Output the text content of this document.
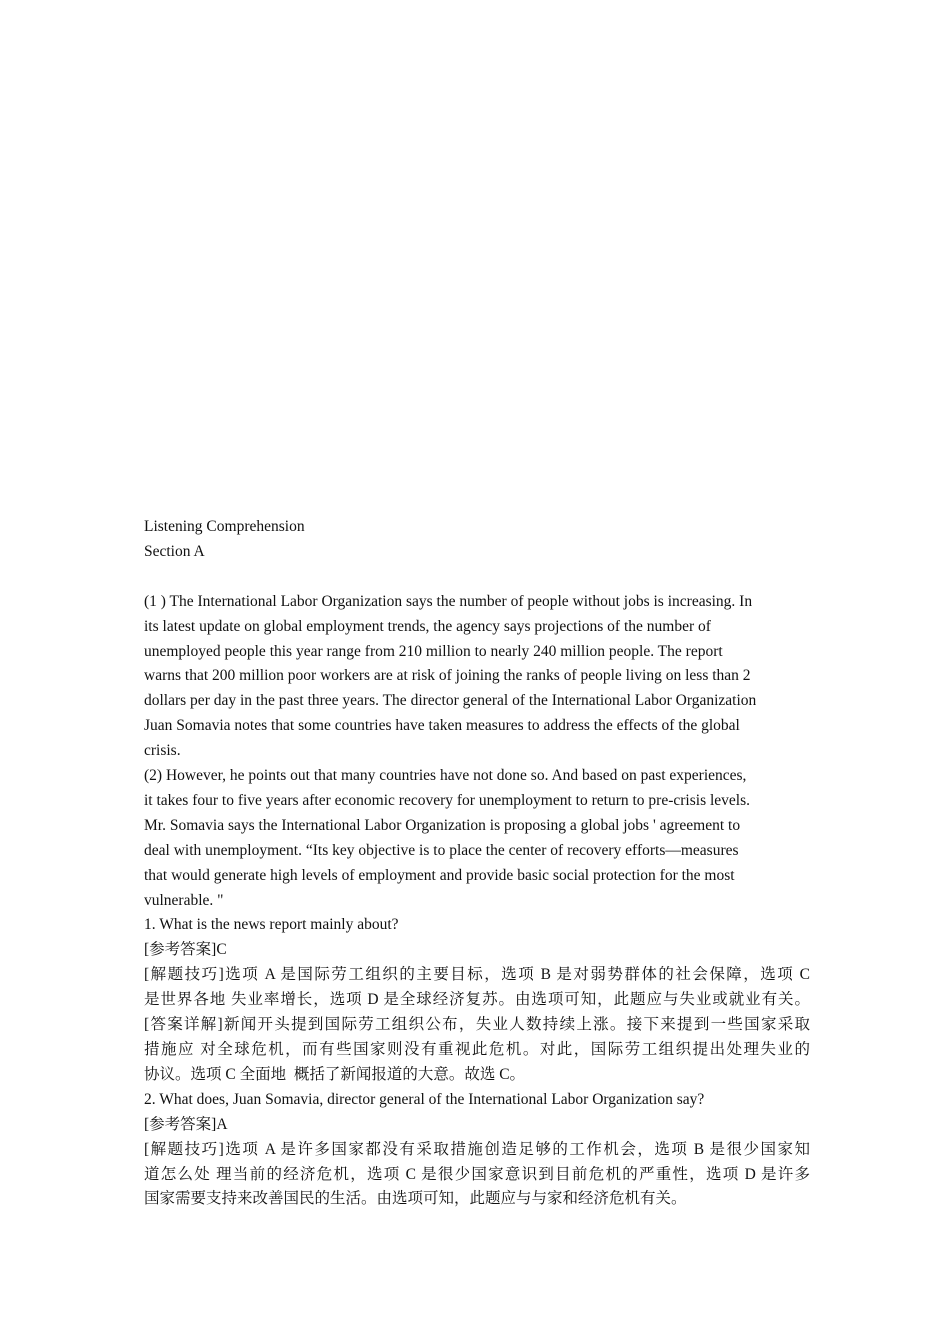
Listening Comprehension
Section A
(1 ) The International Labor Organization says the number of people without jobs is increasing. In
its latest update on global employment trends, the agency says projections of the number of
unemployed people this year range from 210 million to nearly 240 million people. The report
warns that 200 million poor workers are at risk of joining the ranks of people living on less than 2
dollars per day in the past three years. The director general of the International Labor Organization
Juan Somavia notes that some countries have taken measures to address the effects of the global
crisis.
(2) However, he points out that many countries have not done so. And based on past experiences,
it takes four to five years after economic recovery for unemployment to return to pre-crisis levels.
Mr. Somavia says the International Labor Organization is proposing a global jobs ' agreement to
deal with unemployment. “Its key objective is to place the center of recovery efforts—measures
that would generate high levels of employment and provide basic social protection for the most
vulnerable. "
1. What is the news report mainly about?
[参考答案]C
[解题技巧]选项 A 是国际劳工组织的主要目标，选项 B 是对弱势群体的社会保障，选项 C
是世界各地 失业率增长，选项 D 是全球经济复苏。由选项可知，此题应与失业或就业有关。
[答案详解]新闻开头提到国际劳工组织公布，失业人数持续上涨。接下来提到一些国家采取
措施应 对全球危机，而有些国家则没有重视此危机。对此，国际劳工组织提出处理失业的
协议。选项 C 全面地  概括了新闻报道的大意。故选 C。
2. What does, Juan Somavia, director general of the International Labor Organization say?
[参考答案]A
[解题技巧]选项 A 是许多国家都没有采取措施创造足够的工作机会，选项 B 是很少国家知
道怎么处 理当前的经济危机，选项 C 是很少国家意识到目前危机的严重性，选项 D 是许多
国家需要支持来改善国民的生活。由选项可知，此题应与与家和经济危机有关。
